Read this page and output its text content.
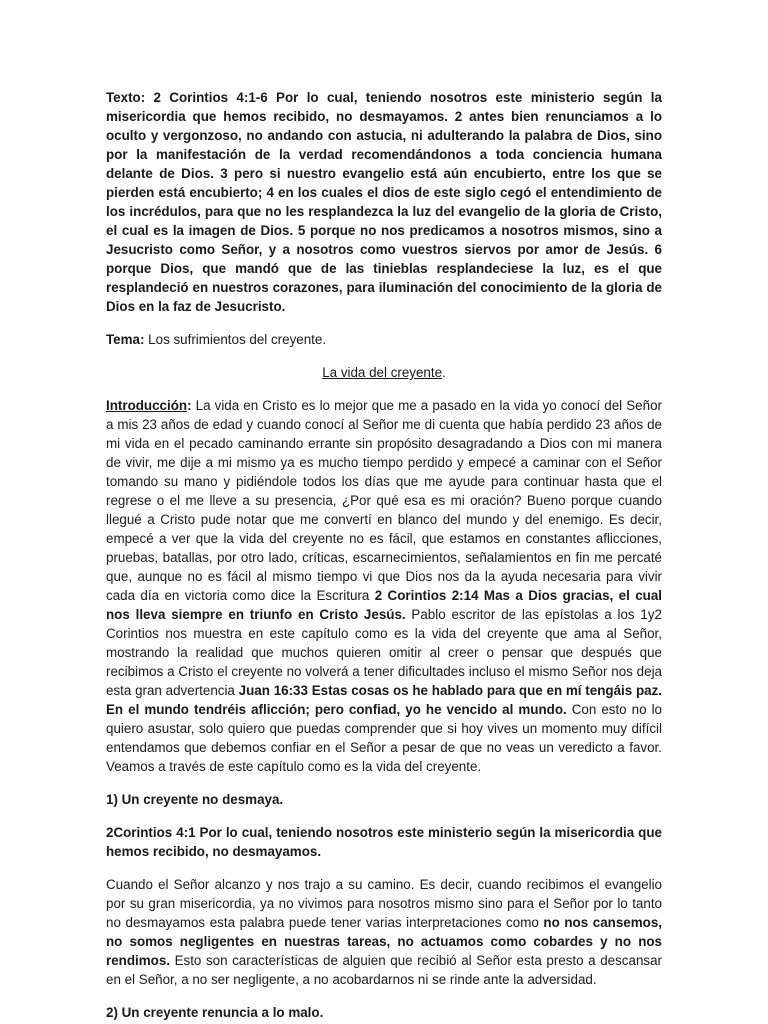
Texto: 2 Corintios 4:1-6 Por lo cual, teniendo nosotros este ministerio según la misericordia que hemos recibido, no desmayamos. 2 antes bien renunciamos a lo oculto y vergonzoso, no andando con astucia, ni adulterando la palabra de Dios, sino por la manifestación de la verdad recomendándonos a toda conciencia humana delante de Dios. 3 pero si nuestro evangelio está aún encubierto, entre los que se pierden está encubierto; 4 en los cuales el dios de este siglo cegó el entendimiento de los incrédulos, para que no les resplandezca la luz del evangelio de la gloria de Cristo, el cual es la imagen de Dios. 5 porque no nos predicamos a nosotros mismos, sino a Jesucristo como Señor, y a nosotros como vuestros siervos por amor de Jesús. 6 porque Dios, que mandó que de las tinieblas resplandeciese la luz, es el que resplandeció en nuestros corazones, para iluminación del conocimiento de la gloria de Dios en la faz de Jesucristo.

Tema: Los sufrimientos del creyente.

La vida del creyente.

Introducción: La vida en Cristo es lo mejor que me a pasado en la vida yo conocí del Señor a mis 23 años de edad y cuando conocí al Señor me di cuenta que había perdido 23 años de mi vida en el pecado caminando errante sin propósito desagradando a Dios con mi manera de vivir, me dije a mi mismo ya es mucho tiempo perdido y empecé a caminar con el Señor tomando su mano y pidiéndole todos los días que me ayude para continuar hasta que el regrese o el me lleve a su presencia, ¿Por qué esa es mi oración? Bueno porque cuando llegué a Cristo pude notar que me convertí en blanco del mundo y del enemigo. Es decir, empecé a ver que la vida del creyente no es fácil, que estamos en constantes aflicciones, pruebas, batallas, por otro lado, críticas, escarnecimientos, señalamientos en fin me percaté que, aunque no es fácil al mismo tiempo vi que Dios nos da la ayuda necesaria para vivir cada día en victoria como dice la Escritura 2 Corintios 2:14 Mas a Dios gracias, el cual nos lleva siempre en triunfo en Cristo Jesús. Pablo escritor de las epístolas a los 1y2 Corintios nos muestra en este capítulo como es la vida del creyente que ama al Señor, mostrando la realidad que muchos quieren omitir al creer o pensar que después que recibimos a Cristo el creyente no volverá a tener dificultades incluso el mismo Señor nos deja esta gran advertencia Juan 16:33 Estas cosas os he hablado para que en mí tengáis paz. En el mundo tendréis aflicción; pero confiad, yo he vencido al mundo. Con esto no lo quiero asustar, solo quiero que puedas comprender que si hoy vives un momento muy difícil entendamos que debemos confiar en el Señor a pesar de que no veas un veredicto a favor. Veamos a través de este capítulo como es la vida del creyente.

1) Un creyente no desmaya.

2Corintios 4:1 Por lo cual, teniendo nosotros este ministerio según la misericordia que hemos recibido, no desmayamos.

Cuando el Señor alcanzo y nos trajo a su camino. Es decir, cuando recibimos el evangelio por su gran misericordia, ya no vivimos para nosotros mismo sino para el Señor por lo tanto no desmayamos esta palabra puede tener varias interpretaciones como no nos cansemos, no somos negligentes en nuestras tareas, no actuamos como cobardes y no nos rendimos. Esto son características de alguien que recibió al Señor esta presto a descansar en el Señor, a no ser negligente, a no acobardarnos ni se rinde ante la adversidad.

2) Un creyente renuncia a lo malo.
